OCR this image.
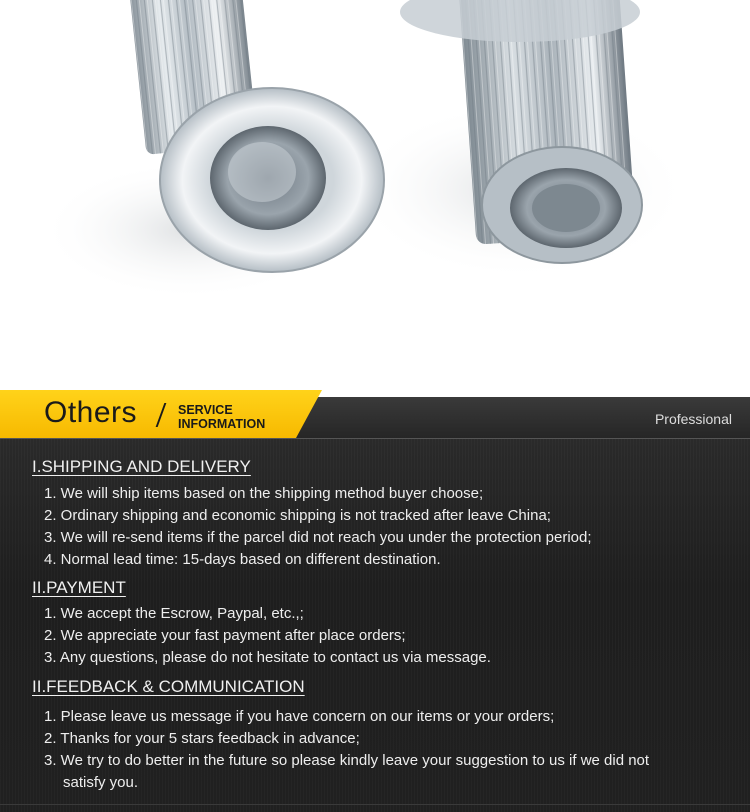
Others	SERVICE
INFORMATION	Professional
I.SHIPPING AND DELIVERY
1. We will ship items based on the shipping method buyer choose;
2. Ordinary shipping and economic shipping is not tracked after leave China;
3. We will re-send items if the parcel did not reach you under the protection period;
4. Normal lead time: 15-days based on different destination.
II.PAYMENT
1. We accept the Escrow, Paypal, etc.,;
2. We appreciate your fast payment after place orders;
3. Any questions, please do not hesitate to contact us via message.
II.FEEDBACK & COMMUNICATION
1. Please leave us message if you have concern on our items or your orders;
2. Thanks for your 5 stars feedback in advance;
3. We try to do better in the future so please kindly leave your suggestion to us if we did not
satisfy you.
